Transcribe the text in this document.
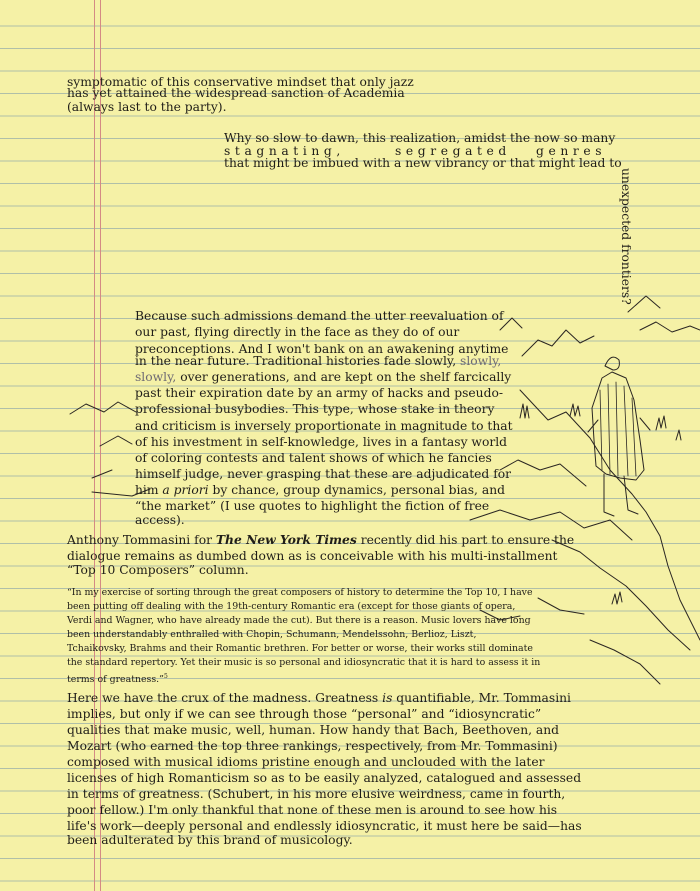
symptomatic of this conservative mindset that only jazz
has yet attained the widespread sanction of Academia
(always last to the party).
Why so slow to dawn, this realization, amidst the now so many
stagnating,	segregated genres
that might be imbued with a new vibrancy or that might lead to
unexpected frontiers?
Because such admissions demand the utter reevaluation of
our past, flying directly in the face as they do of our
preconceptions. And I won't bank on an awakening anytime
in the near future. Traditional histories fade slowly, slowly,
slowly, over generations, and are kept on the shelf farcically
past their expiration date by an army of hacks and pseudo-
professional busybodies. This type, whose stake in theory
and criticism is inversely proportionate in magnitude to that
of his investment in self-knowledge, lives in a fantasy world
of coloring contests and talent shows of which he fancies
himself judge, never grasping that these are adjudicated for
him a priori by chance, group dynamics, personal bias, and
“the market” (I use quotes to highlight the fiction of free
access).
Anthony Tommasini for The New York Times recently did his part to ensure the
dialogue remains as dumbed down as is conceivable with his multi-installment
“Top 10 Composers” column.
“In my exercise of sorting through the great composers of history to determine the Top 10, I have
been putting off dealing with the 19th-century Romantic era (except for those giants of opera,
Verdi and Wagner, who have already made the cut). But there is a reason. Music lovers have long
been understandably enthralled with Chopin, Schumann, Mendelssohn, Berlioz, Liszt,
Tchaikovsky, Brahms and their Romantic brethren. For better or worse, their works still dominate
the standard repertory. Yet their music is so personal and idiosyncratic that it is hard to assess it in
terms of greatness.”$^5$
Here we have the crux of the madness. Greatness is quantifiable, Mr. Tommasini
implies, but only if we can see through those “personal” and “idiosyncratic”
qualities that make music, well, human. How handy that Bach, Beethoven, and
Mozart (who earned the top three rankings, respectively, from Mr. Tommasini)
composed with musical idioms pristine enough and unclouded with the later
licenses of high Romanticism so as to be easily analyzed, catalogued and assessed
in terms of greatness. (Schubert, in his more elusive weirdness, came in fourth,
poor fellow.) I'm only thankful that none of these men is around to see how his
life's work—deeply personal and endlessly idiosyncratic, it must here be said—has
been adulterated by this brand of musicology.
